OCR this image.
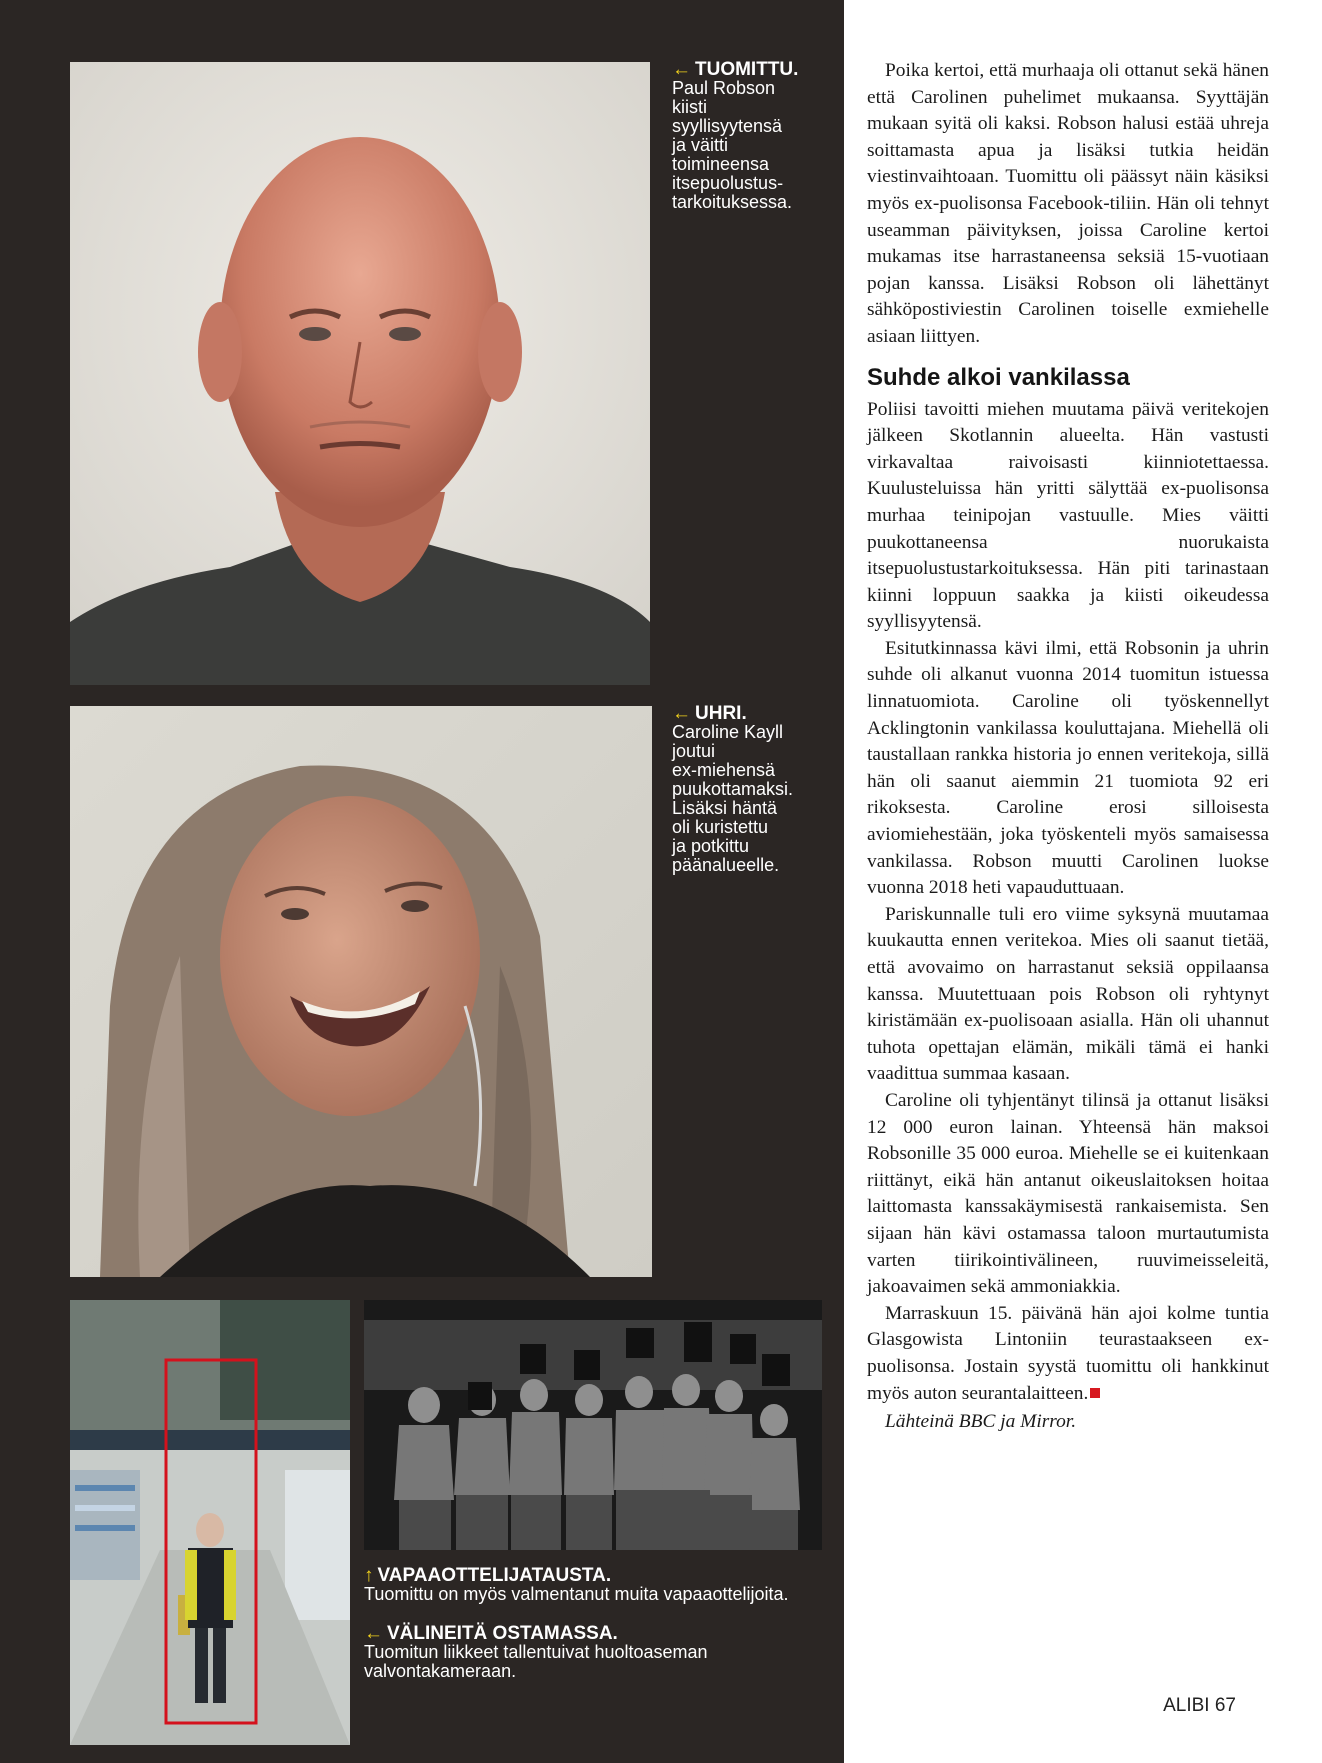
← TUOMITTU.
Paul Robson
kiisti
syyllisyytensä
ja väitti
toimineensa
itsepuolustus-
tarkoituksessa.
← UHRI.
Caroline Kayll
joutui
ex-miehensä
puukottamaksi.
Lisäksi häntä
oli kuristettu
ja potkittu
päänalueelle.
↑ VAPAAOTTELIJATAUSTA.
Tuomittu on myös valmentanut muita vapaaottelijoita.
← VÄLINEITÄ OSTAMASSA.
Tuomitun liikkeet tallentuivat huoltoaseman
valvontakameraan.

Poika kertoi, että murhaaja oli ottanut sekä hänen että Carolinen puhelimet mukaansa. Syyttäjän mukaan syitä oli kaksi. Robson halusi estää uhreja soittamasta apua ja lisäksi tutkia heidän viestinvaihtoaan. Tuomittu oli päässyt näin käsiksi myös ex-puolisonsa Facebook-tiliin. Hän oli tehnyt useamman päivityksen, joissa Caroline kertoi mukamas itse harrastaneensa seksiä 15-vuotiaan pojan kanssa. Lisäksi Robson oli lähettänyt sähköpostiviestin Carolinen toiselle exmiehelle asiaan liittyen.

Suhde alkoi vankilassa

Poliisi tavoitti miehen muutama päivä veritekojen jälkeen Skotlannin alueelta. Hän vastusti virkavaltaa raivoisasti kiinniotettaessa. Kuulusteluissa hän yritti sälyttää ex-puolisonsa murhaa teinipojan vastuulle. Mies väitti puukottaneensa nuorukaista itsepuolustustarkoituksessa. Hän piti tarinastaan kiinni loppuun saakka ja kiisti oikeudessa syyllisyytensä.

Esitutkinnassa kävi ilmi, että Robsonin ja uhrin suhde oli alkanut vuonna 2014 tuomitun istuessa linnatuomiota. Caroline oli työskennellyt Acklingtonin vankilassa kouluttajana. Miehellä oli taustallaan rankka historia jo ennen veritekoja, sillä hän oli saanut aiemmin 21 tuomiota 92 eri rikoksesta. Caroline erosi silloisesta aviomiehestään, joka työskenteli myös samaisessa vankilassa. Robson muutti Carolinen luokse vuonna 2018 heti vapauduttuaan.

Pariskunnalle tuli ero viime syksynä muutamaa kuukautta ennen veritekoa. Mies oli saanut tietää, että avovaimo on harrastanut seksiä oppilaansa kanssa. Muutettuaan pois Robson oli ryhtynyt kiristämään ex-puolisoaan asialla. Hän oli uhannut tuhota opettajan elämän, mikäli tämä ei hanki vaadittua summaa kasaan.

Caroline oli tyhjentänyt tilinsä ja ottanut lisäksi 12 000 euron lainan. Yhteensä hän maksoi Robsonille 35 000 euroa. Miehelle se ei kuitenkaan riittänyt, eikä hän antanut oikeuslaitoksen hoitaa laittomasta kanssakäymisestä rankaisemista. Sen sijaan hän kävi ostamassa taloon murtautumista varten tiirikointivälineen, ruuvimeisseleitä, jakoavaimen sekä ammoniakkia.

Marraskuun 15. päivänä hän ajoi kolme tuntia Glasgowista Lintoniin teurastaakseen ex-puolisonsa. Jostain syystä tuomittu oli hankkinut myös auton seurantalaitteen.

Lähteinä BBC ja Mirror.

ALIBI 67
